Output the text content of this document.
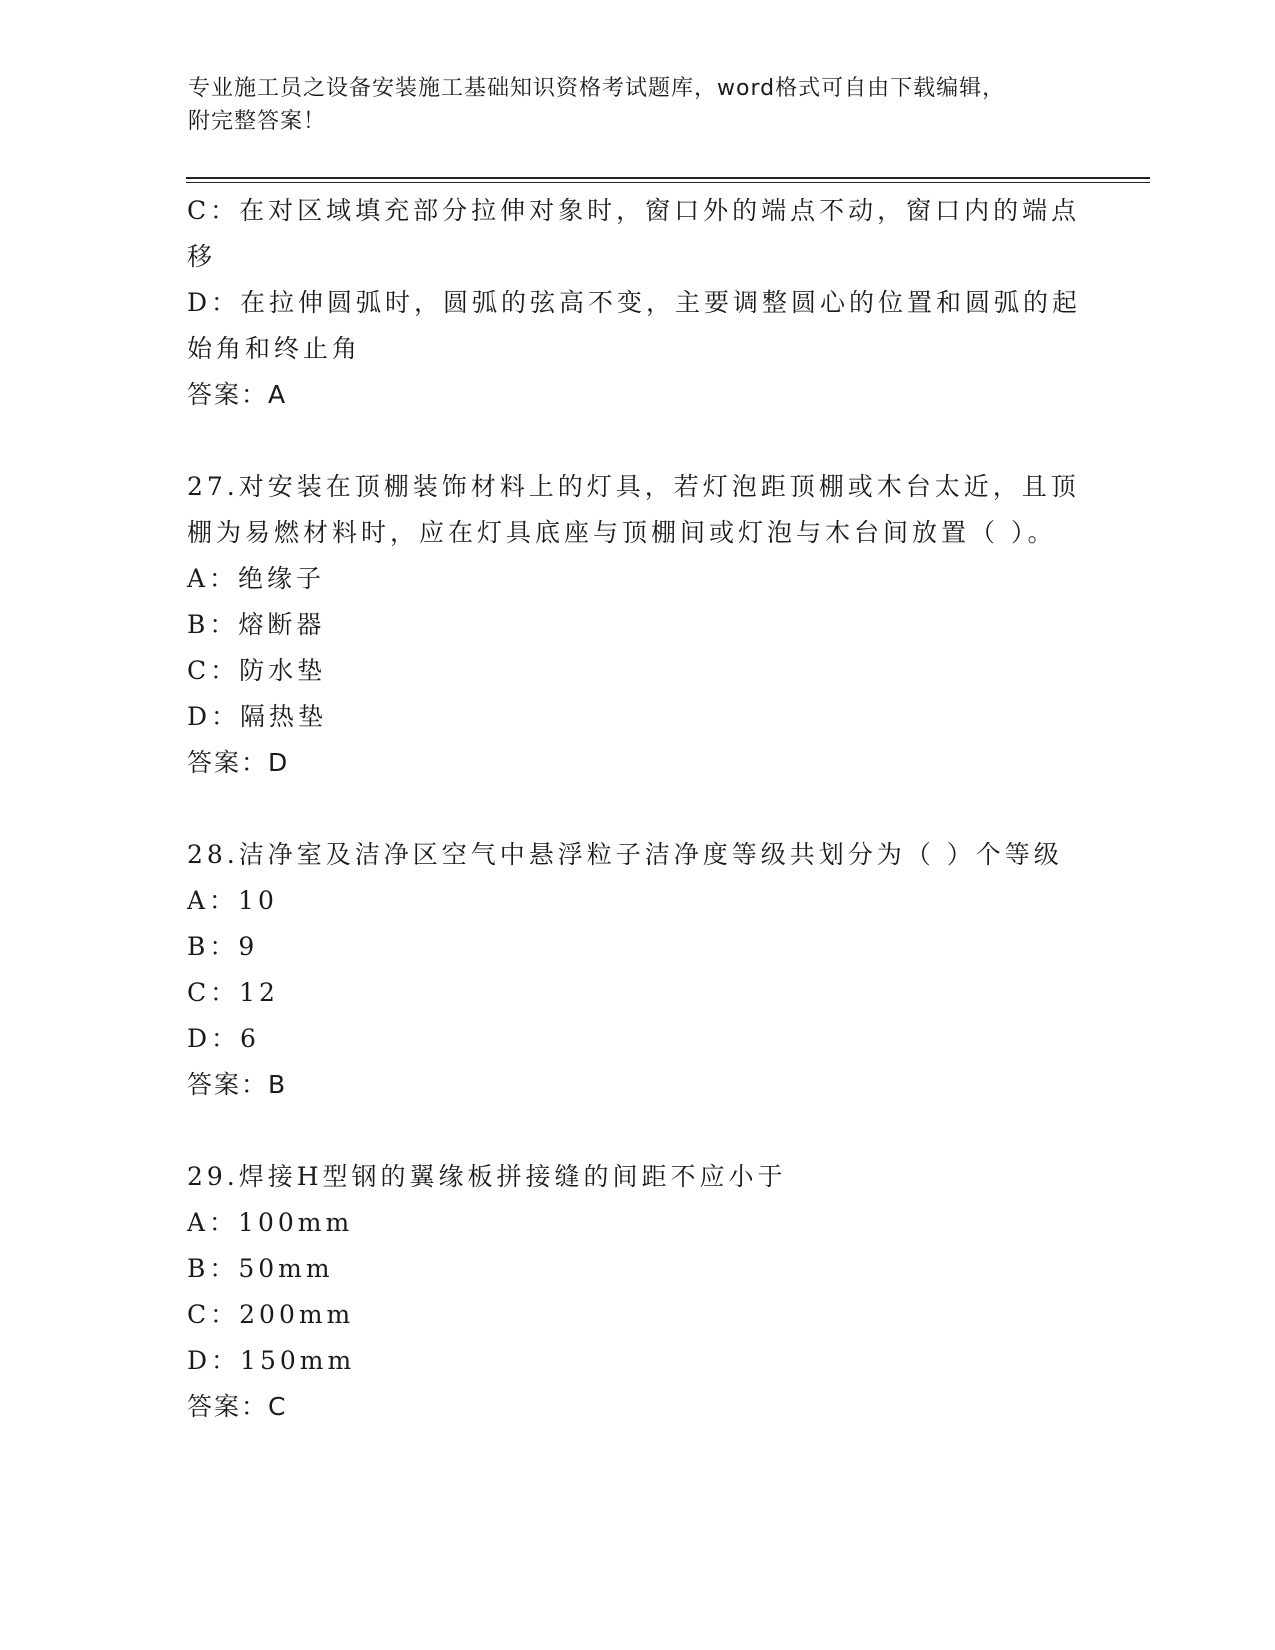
专业施工员之设备安装施工基础知识资格考试题库，word格式可自由下载编辑，
附完整答案！
C：在对区域填充部分拉伸对象时，窗口外的端点不动，窗口内的端点
移
D：在拉伸圆弧时，圆弧的弦高不变，主要调整圆心的位置和圆弧的起
始角和终止角
答案：A
27.对安装在顶棚装饰材料上的灯具，若灯泡距顶棚或木台太近，且顶
棚为易燃材料时，应在灯具底座与顶棚间或灯泡与木台间放置（ ）。
A：绝缘子
B：熔断器
C：防水垫
D：隔热垫
答案：D
28.洁净室及洁净区空气中悬浮粒子洁净度等级共划分为（ ）个等级
A：10
B：9
C：12
D：6
答案：B
29.焊接H型钢的翼缘板拼接缝的间距不应小于
A：100mm
B：50mm
C：200mm
D：150mm
答案：C
